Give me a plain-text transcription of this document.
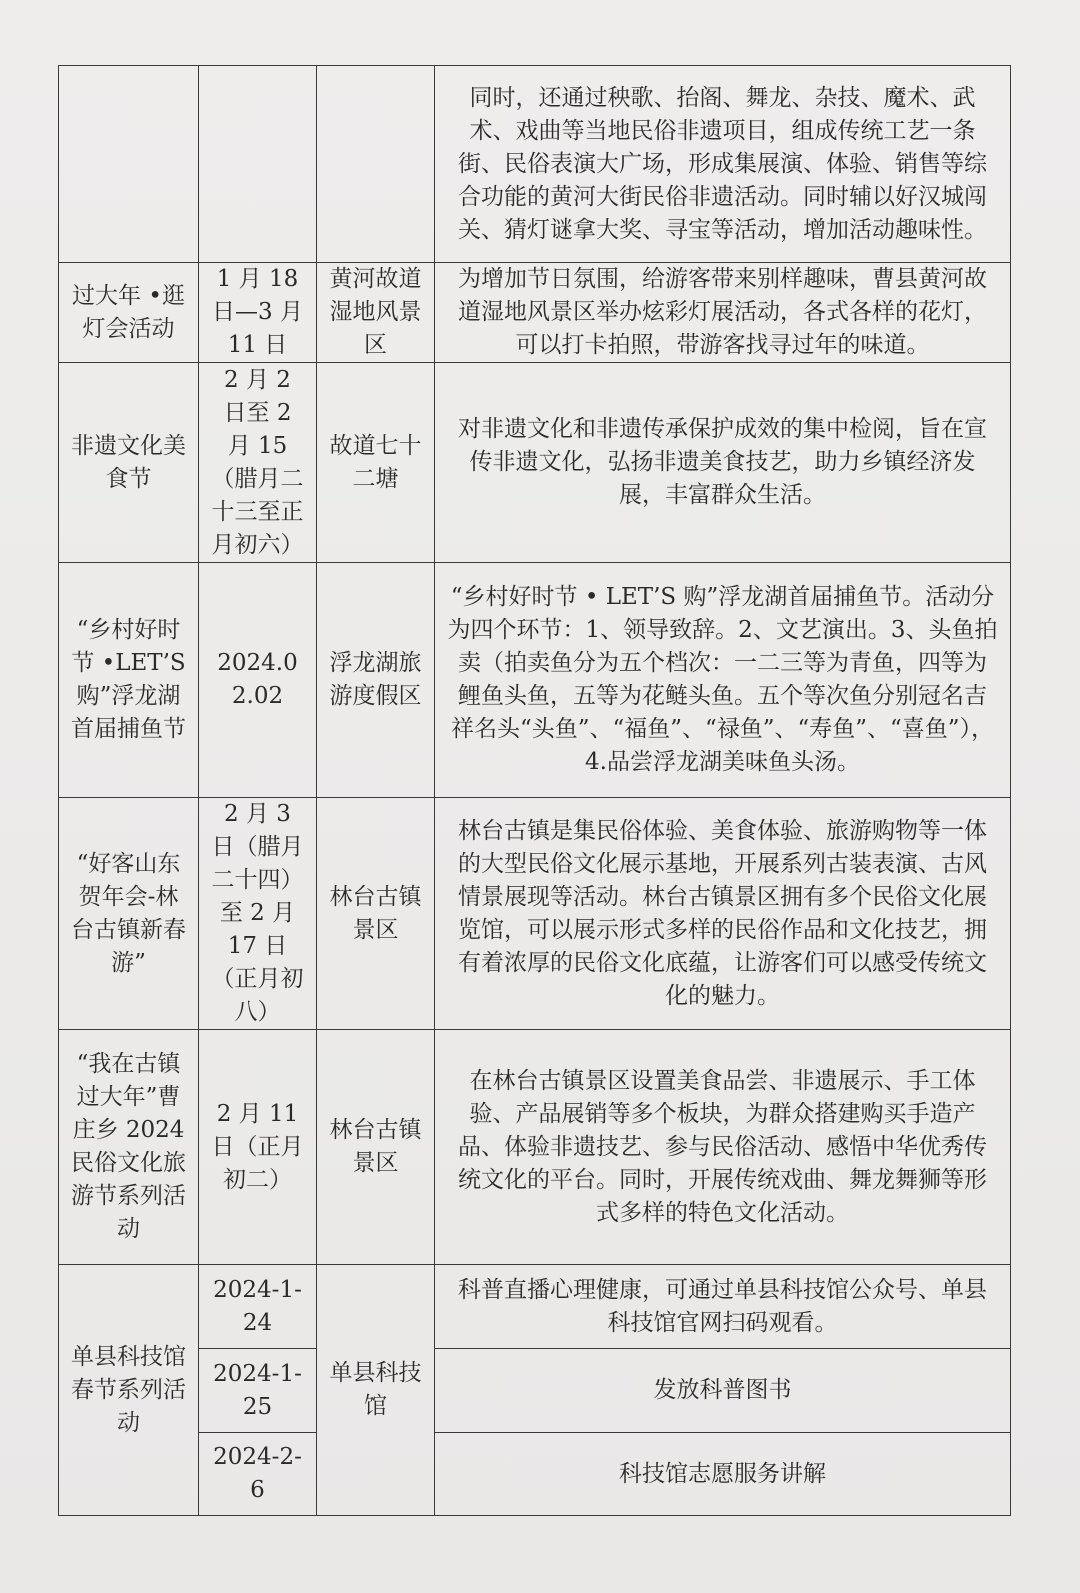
			同时，还通过秧歌、抬阁、舞龙、杂技、魔术、武术、戏曲等当地民俗非遗项目，组成传统工艺一条街、民俗表演大广场，形成集展演、体验、销售等综合功能的黄河大街民俗非遗活动。同时辅以好汉城闯关、猜灯谜拿大奖、寻宝等活动，增加活动趣味性。
过大年 •逛灯会活动	1 月 18 日—3 月 11 日	黄河故道湿地风景区	为增加节日氛围，给游客带来别样趣味，曹县黄河故道湿地风景区举办炫彩灯展活动，各式各样的花灯，可以打卡拍照，带游客找寻过年的味道。
非遗文化美食节	2 月 2 日至 2 月 15（腊月二十三至正月初六）	故道七十二塘	对非遗文化和非遗传承保护成效的集中检阅，旨在宣传非遗文化，弘扬非遗美食技艺，助力乡镇经济发展，丰富群众生活。
“乡村好时节 •LET’S 购”浮龙湖首届捕鱼节	2024.02.02	浮龙湖旅游度假区	“乡村好时节 • LET’S 购”浮龙湖首届捕鱼节。活动分为四个环节：1、领导致辞。2、文艺演出。3、头鱼拍卖（拍卖鱼分为五个档次：一二三等为青鱼，四等为鲤鱼头鱼，五等为花鲢头鱼。五个等次鱼分别冠名吉祥名头“头鱼”、“福鱼”、“禄鱼”、“寿鱼”、“喜鱼”），4.品尝浮龙湖美味鱼头汤。
“好客山东贺年会-林台古镇新春游”	2 月 3 日（腊月二十四）至 2 月 17 日（正月初八）	林台古镇景区	林台古镇是集民俗体验、美食体验、旅游购物等一体的大型民俗文化展示基地，开展系列古装表演、古风情景展现等活动。林台古镇景区拥有多个民俗文化展览馆，可以展示形式多样的民俗作品和文化技艺，拥有着浓厚的民俗文化底蕴，让游客们可以感受传统文化的魅力。
“我在古镇过大年”曹庄乡 2024 民俗文化旅游节系列活动	2 月 11 日（正月初二）	林台古镇景区	在林台古镇景区设置美食品尝、非遗展示、手工体验、产品展销等多个板块，为群众搭建购买手造产品、体验非遗技艺、参与民俗活动、感悟中华优秀传统文化的平台。同时，开展传统戏曲、舞龙舞狮等形式多样的特色文化活动。
单县科技馆春节系列活动	2024-1-24	单县科技馆	科普直播心理健康，可通过单县科技馆公众号、单县科技馆官网扫码观看。
	2024-1-25		发放科普图书
	2024-2-6		科技馆志愿服务讲解
